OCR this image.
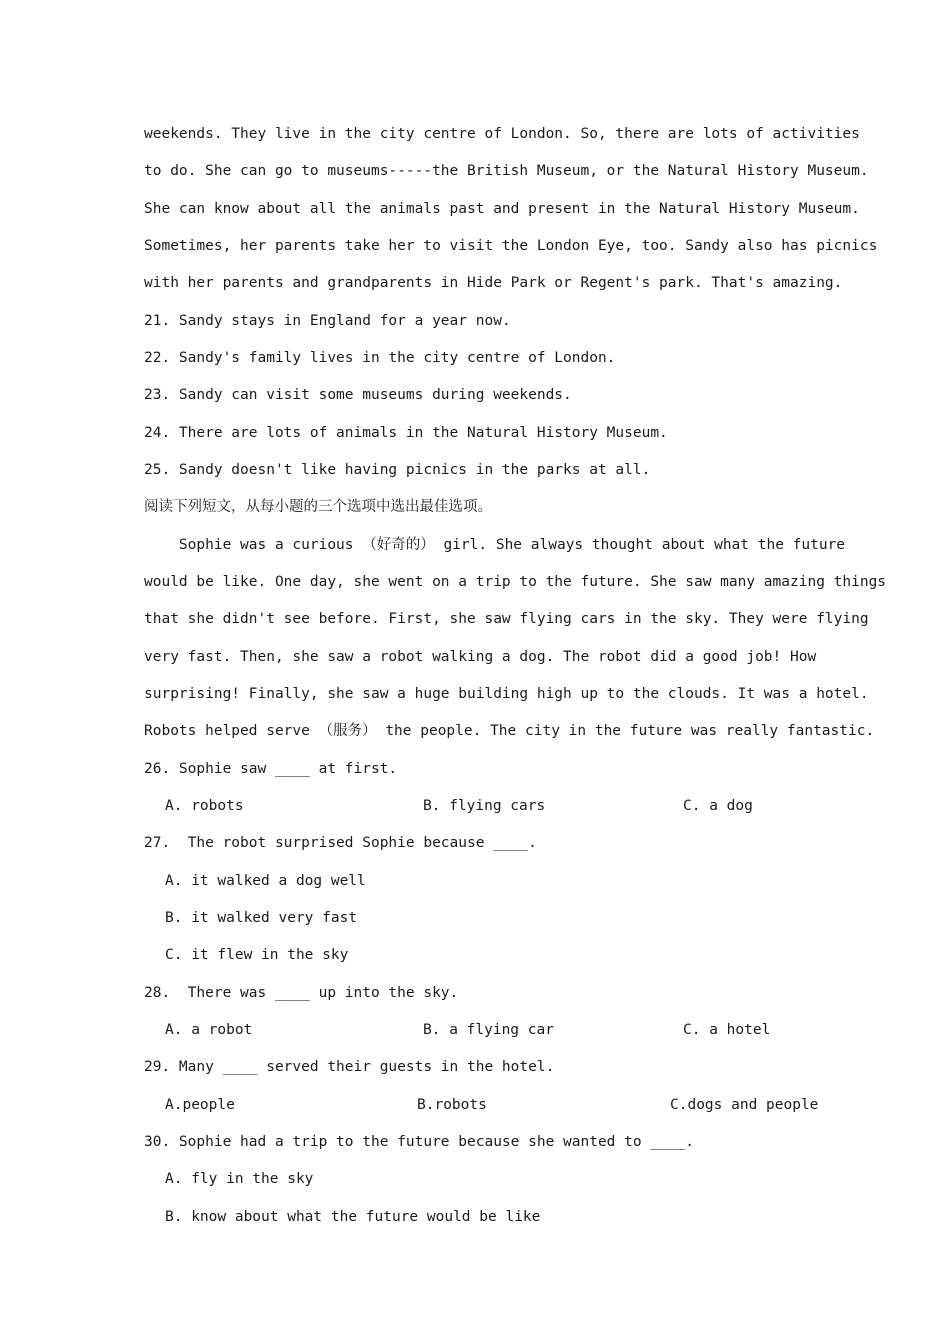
weekends. They live in the city centre of London. So, there are lots of activities
to do. She can go to museums-----the British Museum, or the Natural History Museum.
She can know about all the animals past and present in the Natural History Museum.
Sometimes, her parents take her to visit the London Eye, too. Sandy also has picnics
with her parents and grandparents in Hide Park or Regent's park. That's amazing.
21. Sandy stays in England for a year now.
22. Sandy's family lives in the city centre of London.
23. Sandy can visit some museums during weekends.
24. There are lots of animals in the Natural History Museum.
25. Sandy doesn't like having picnics in the parks at all.
阅读下列短文，从每小题的三个选项中选出最佳选项。
Sophie was a curious （好奇的） girl. She always thought about what the future
would be like. One day, she went on a trip to the future. She saw many amazing things
that she didn't see before. First, she saw flying cars in the sky. They were flying
very fast. Then, she saw a robot walking a dog. The robot did a good job! How
surprising! Finally, she saw a huge building high up to the clouds. It was a hotel.
Robots helped serve （服务） the people. The city in the future was really fantastic.
26. Sophie saw ____ at first.
A. robots	B. flying cars	C. a dog
27.  The robot surprised Sophie because ____.
A. it walked a dog well
B. it walked very fast
C. it flew in the sky
28.  There was ____ up into the sky.
A. a robot	B. a flying car	C. a hotel
29. Many ____ served their guests in the hotel.
A.people	B.robots	C.dogs and people
30. Sophie had a trip to the future because she wanted to ____.
A. fly in the sky
B. know about what the future would be like
